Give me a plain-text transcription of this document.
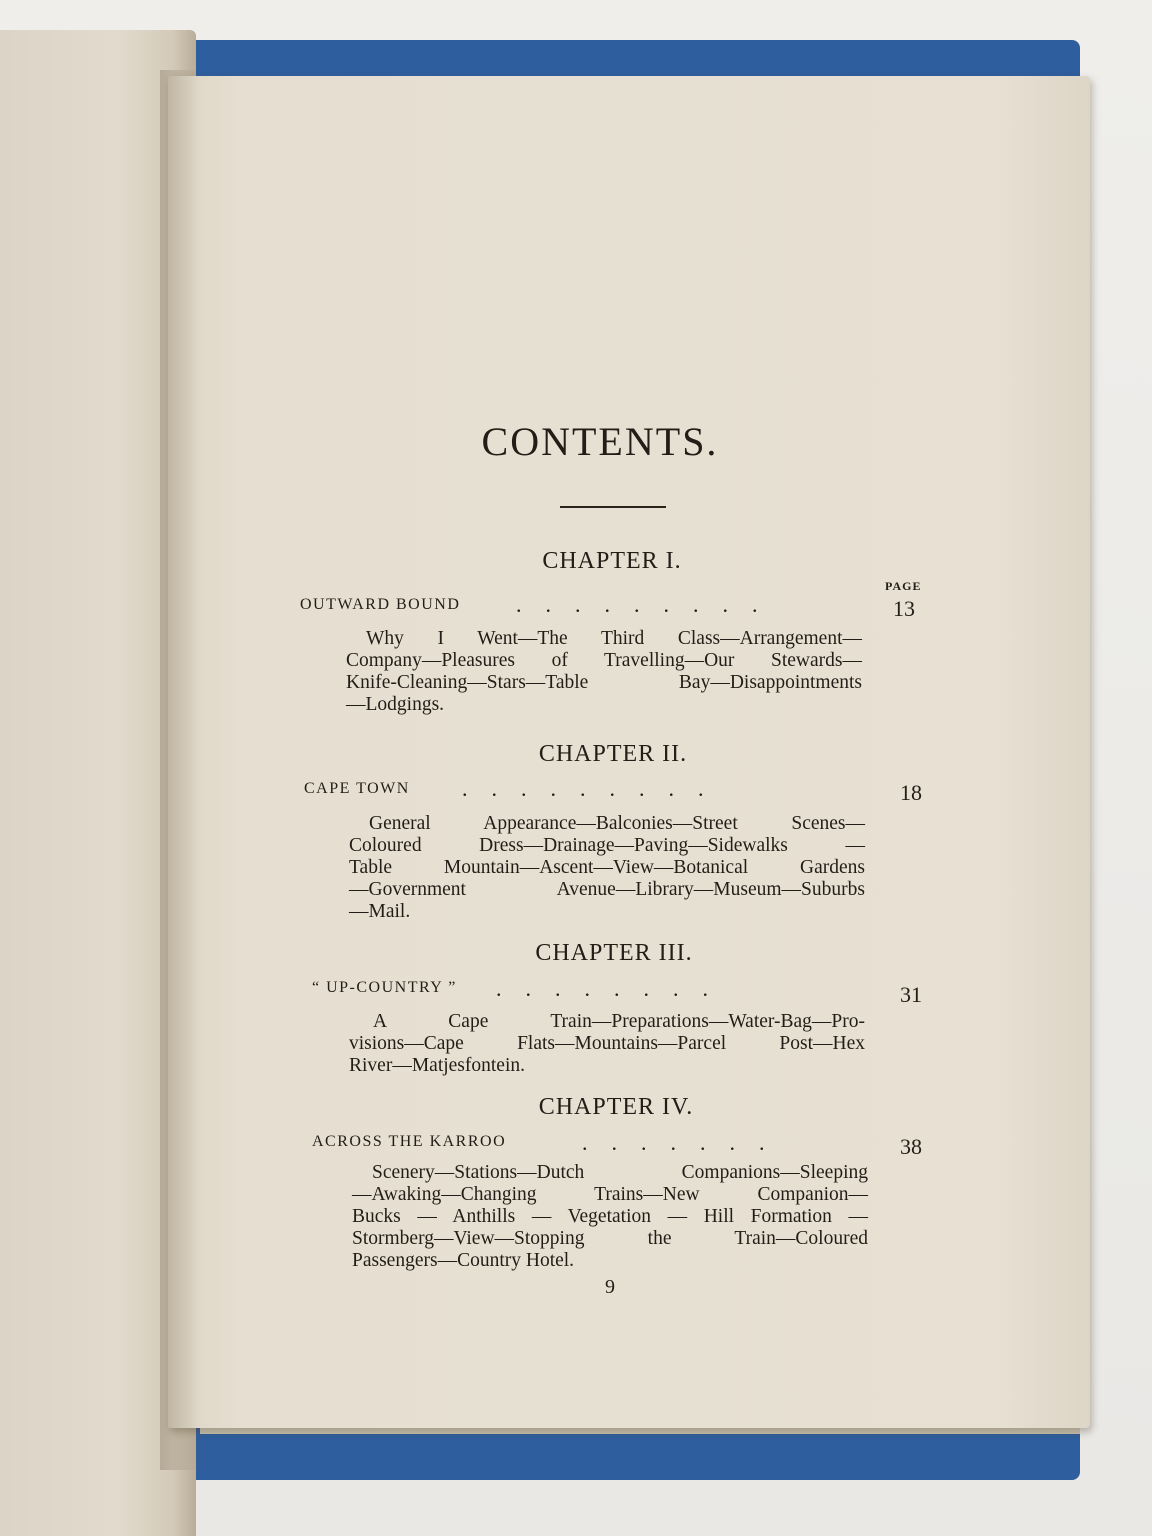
CONTENTS.
CHAPTER I.
PAGE
OUTWARD BOUND	.........	13
Why I Went—The Third Class—Arrangement—
Company—Pleasures of Travelling—Our Stewards—
Knife-Cleaning—Stars—Table Bay—Disappointments
—Lodgings.
CHAPTER II.
CAPE TOWN .........	18
General Appearance—Balconies—Street Scenes—
Coloured Dress—Drainage—Paving—Sidewalks —
Table Mountain—Ascent—View—Botanical Gardens
—Government Avenue—Library—Museum—Suburbs
—Mail.
CHAPTER III.
“ UP-COUNTRY ” ........	31
A Cape Train—Preparations—Water-Bag—Pro-
visions—Cape Flats—Mountains—Parcel Post—Hex
River—Matjesfontein.
CHAPTER IV.
ACROSS THE KARROO	.......	38
Scenery—Stations—Dutch Companions—Sleeping
—Awaking—Changing Trains—New Companion—
Bucks — Anthills — Vegetation — Hill Formation —
Stormberg—View—Stopping the Train—Coloured
Passengers—Country Hotel.
9
